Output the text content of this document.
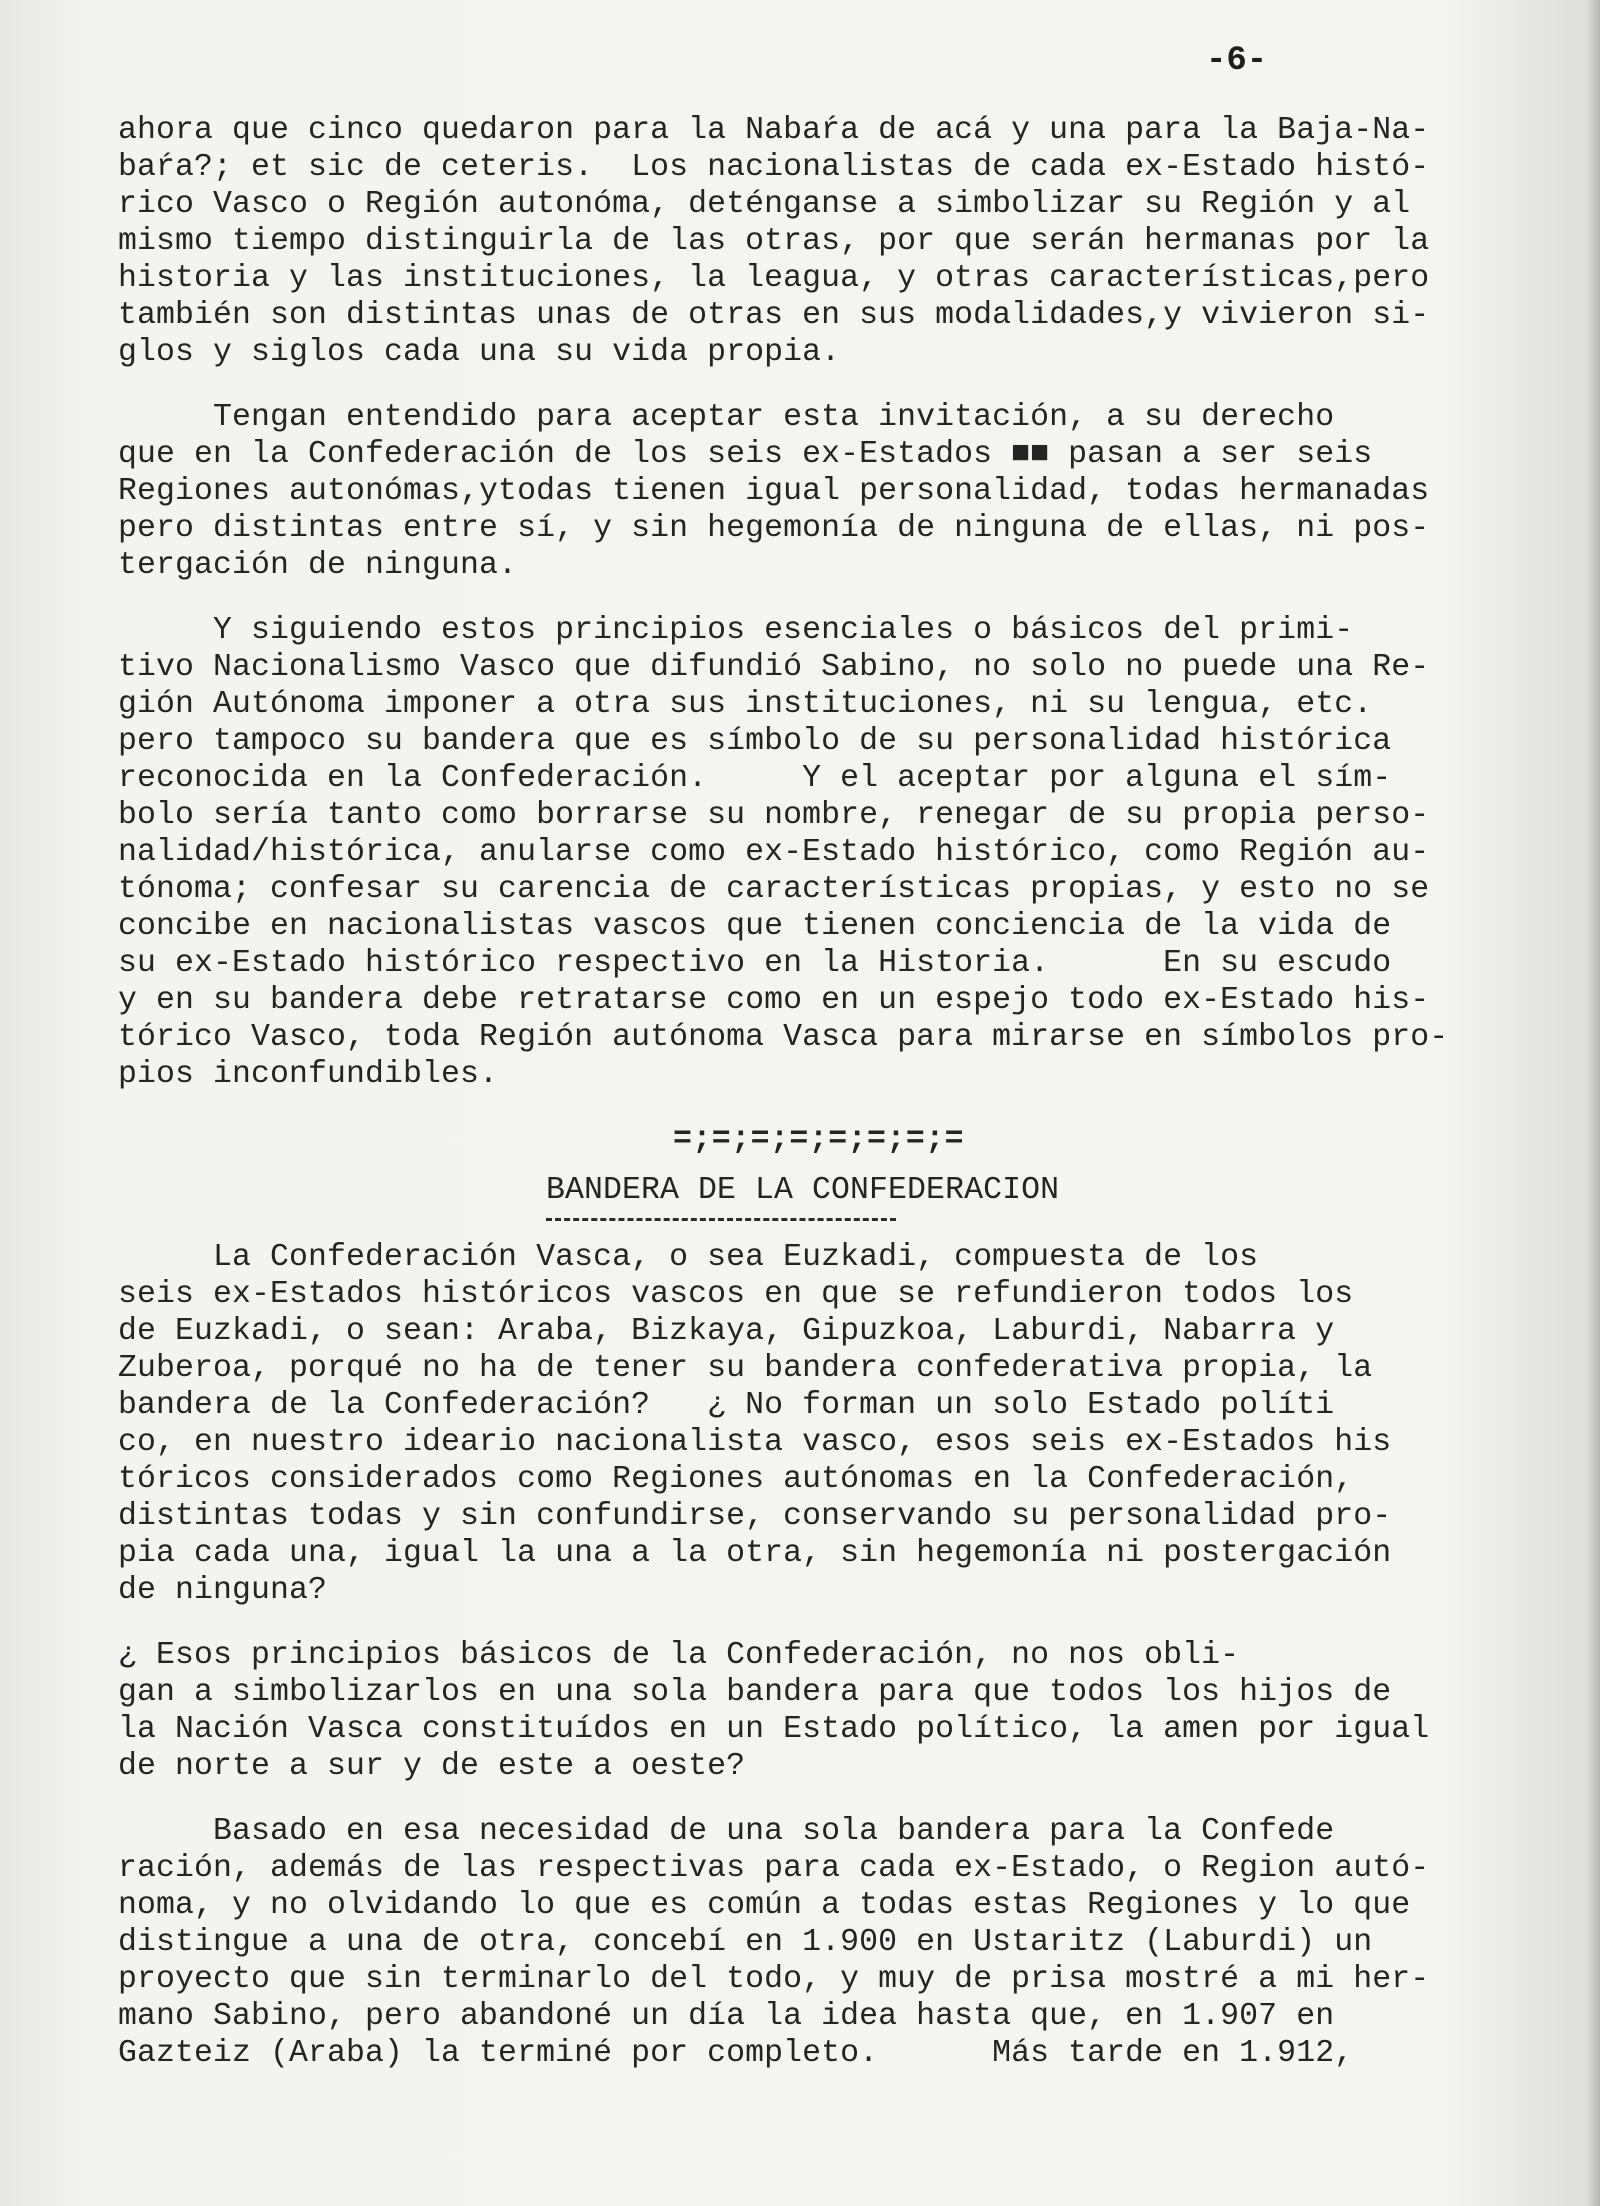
-6-
ahora que cinco quedaron para la Nabaŕa de acá y una para la Baja-Na-
baŕa?; et sic de ceteris.  Los nacionalistas de cada ex-Estado histó-
rico Vasco o Región autonóma, deténganse a simbolizar su Región y al
mismo tiempo distinguirla de las otras, por que serán hermanas por la
historia y las instituciones, la leagua, y otras características,pero
también son distintas unas de otras en sus modalidades,y vivieron si-
glos y siglos cada una su vida propia.
Tengan entendido para aceptar esta invitación, a su derecho
que en la Confederación de los seis ex-Estados ■■ pasan a ser seis
Regiones autonómas,ytodas tienen igual personalidad, todas hermanadas
pero distintas entre sí, y sin hegemonía de ninguna de ellas, ni pos-
tergación de ninguna.
Y siguiendo estos principios esenciales o básicos del primi-
tivo Nacionalismo Vasco que difundió Sabino, no solo no puede una Re-
gión Autónoma imponer a otra sus instituciones, ni su lengua, etc.
pero tampoco su bandera que es símbolo de su personalidad histórica
reconocida en la Confederación.     Y el aceptar por alguna el sím-
bolo sería tanto como borrarse su nombre, renegar de su propia perso-
nalidad/histórica, anularse como ex-Estado histórico, como Región au-
tónoma; confesar su carencia de características propias, y esto no se
concibe en nacionalistas vascos que tienen conciencia de la vida de
su ex-Estado histórico respectivo en la Historia.      En su escudo
y en su bandera debe retratarse como en un espejo todo ex-Estado his-
tórico Vasco, toda Región autónoma Vasca para mirarse en símbolos pro-
pios inconfundibles.
=;=;=;=;=;=;=;=
BANDERA DE LA CONFEDERACION
La Confederación Vasca, o sea Euzkadi, compuesta de los
seis ex-Estados históricos vascos en que se refundieron todos los
de Euzkadi, o sean: Araba, Bizkaya, Gipuzkoa, Laburdi, Nabarra y
Zuberoa, porqué no ha de tener su bandera confederativa propia, la
bandera de la Confederación?   ¿ No forman un solo Estado políti
co, en nuestro ideario nacionalista vasco, esos seis ex-Estados his
tóricos considerados como Regiones autónomas en la Confederación,
distintas todas y sin confundirse, conservando su personalidad pro-
pia cada una, igual la una a la otra, sin hegemonía ni postergación
de ninguna?
¿ Esos principios básicos de la Confederación, no nos obli-
gan a simbolizarlos en una sola bandera para que todos los hijos de
la Nación Vasca constituídos en un Estado político, la amen por igual
de norte a sur y de este a oeste?
Basado en esa necesidad de una sola bandera para la Confede
ración, además de las respectivas para cada ex-Estado, o Region autó-
noma, y no olvidando lo que es común a todas estas Regiones y lo que
distingue a una de otra, concebí en 1.900 en Ustaritz (Laburdi) un
proyecto que sin terminarlo del todo, y muy de prisa mostré a mi her-
mano Sabino, pero abandoné un día la idea hasta que, en 1.907 en
Gazteiz (Araba) la terminé por completo.      Más tarde en 1.912,
